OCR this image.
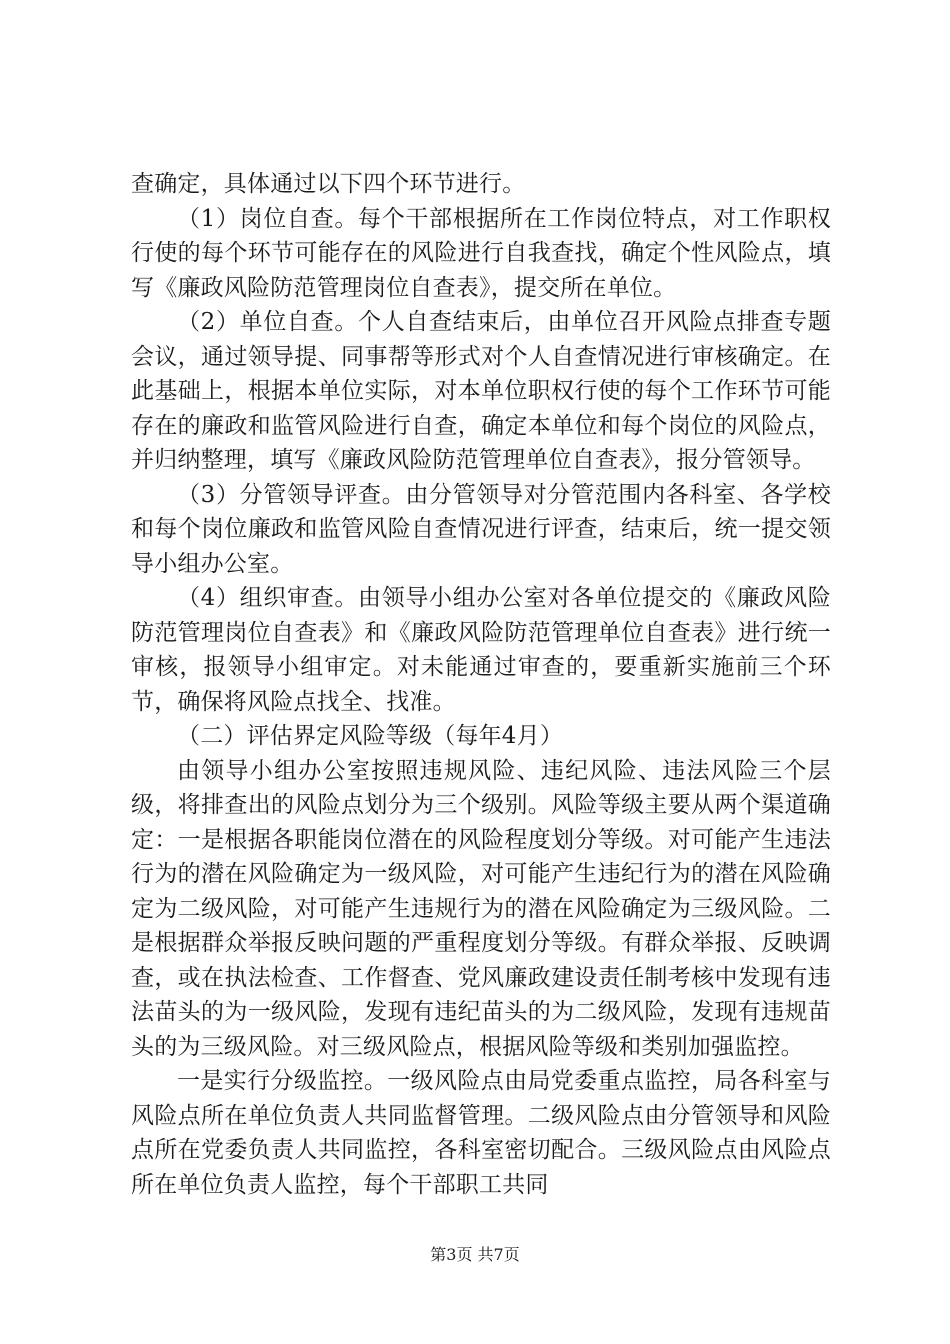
查确定，具体通过以下四个环节进行。

（1）岗位自查。每个干部根据所在工作岗位特点，对工作职权行使的每个环节可能存在的风险进行自我查找，确定个性风险点，填写《廉政风险防范管理岗位自查表》，提交所在单位。

（2）单位自查。个人自查结束后，由单位召开风险点排查专题会议，通过领导提、同事帮等形式对个人自查情况进行审核确定。在此基础上，根据本单位实际，对本单位职权行使的每个工作环节可能存在的廉政和监管风险进行自查，确定本单位和每个岗位的风险点，并归纳整理，填写《廉政风险防范管理单位自查表》，报分管领导。

（3）分管领导评查。由分管领导对分管范围内各科室、各学校和每个岗位廉政和监管风险自查情况进行评查，结束后，统一提交领导小组办公室。

（4）组织审查。由领导小组办公室对各单位提交的《廉政风险防范管理岗位自查表》和《廉政风险防范管理单位自查表》进行统一审核，报领导小组审定。对未能通过审查的，要重新实施前三个环节，确保将风险点找全、找准。

（二）评估界定风险等级（每年4月）

由领导小组办公室按照违规风险、违纪风险、违法风险三个层级，将排查出的风险点划分为三个级别。风险等级主要从两个渠道确定：一是根据各职能岗位潜在的风险程度划分等级。对可能产生违法行为的潜在风险确定为一级风险，对可能产生违纪行为的潜在风险确定为二级风险，对可能产生违规行为的潜在风险确定为三级风险。二是根据群众举报反映问题的严重程度划分等级。有群众举报、反映调查，或在执法检查、工作督查、党风廉政建设责任制考核中发现有违法苗头的为一级风险，发现有违纪苗头的为二级风险，发现有违规苗头的为三级风险。对三级风险点，根据风险等级和类别加强监控。

一是实行分级监控。一级风险点由局党委重点监控，局各科室与风险点所在单位负责人共同监督管理。二级风险点由分管领导和风险点所在党委负责人共同监控，各科室密切配合。三级风险点由风险点所在单位负责人监控，每个干部职工共同

第3页 共7页
